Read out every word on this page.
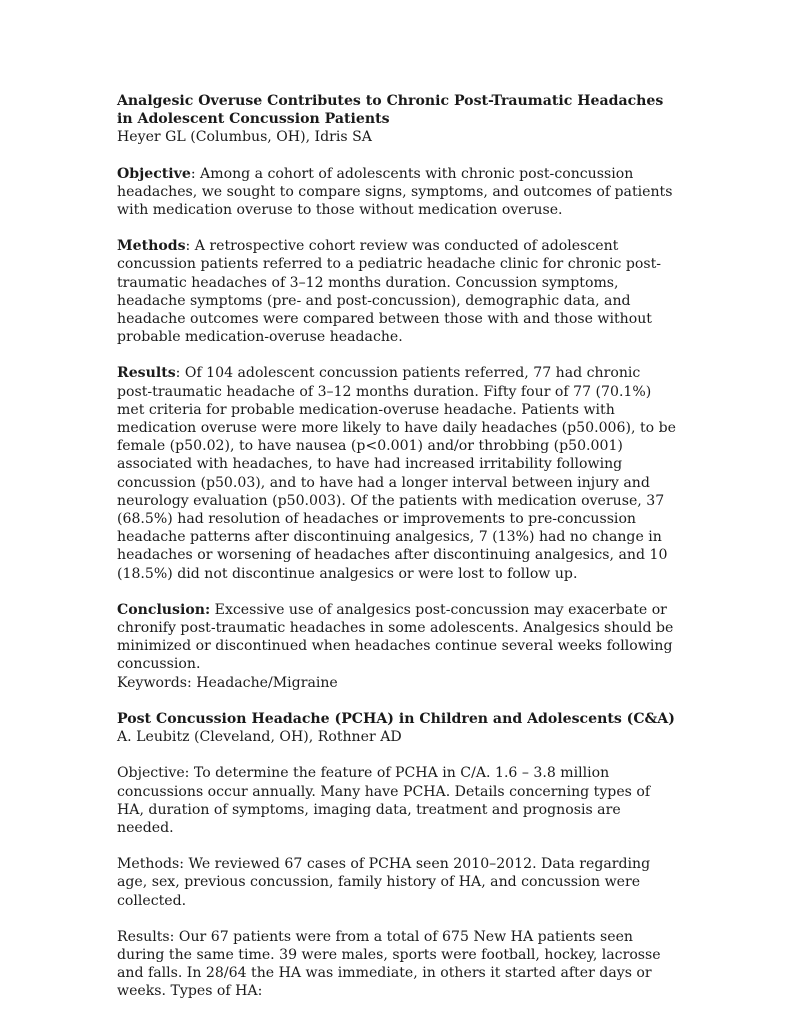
Analgesic Overuse Contributes to Chronic Post-Traumatic Headaches in Adolescent Concussion Patients

Heyer GL (Columbus, OH), Idris SA

Objective: Among a cohort of adolescents with chronic post-concussion headaches, we sought to compare signs, symptoms, and outcomes of patients with medication overuse to those without medication overuse.

Methods: A retrospective cohort review was conducted of adolescent concussion patients referred to a pediatric headache clinic for chronic post-traumatic headaches of 3–12 months duration. Concussion symptoms, headache symptoms (pre- and post-concussion), demographic data, and headache outcomes were compared between those with and those without probable medication-overuse headache.

Results: Of 104 adolescent concussion patients referred, 77 had chronic post-traumatic headache of 3–12 months duration. Fifty four of 77 (70.1%) met criteria for probable medication-overuse headache. Patients with medication overuse were more likely to have daily headaches (p50.006), to be female (p50.02), to have nausea (p<0.001) and/or throbbing (p50.001) associated with headaches, to have had increased irritability following concussion (p50.03), and to have had a longer interval between injury and neurology evaluation (p50.003). Of the patients with medication overuse, 37 (68.5%) had resolution of headaches or improvements to pre-concussion headache patterns after discontinuing analgesics, 7 (13%) had no change in headaches or worsening of headaches after discontinuing analgesics, and 10 (18.5%) did not discontinue analgesics or were lost to follow up.

Conclusion: Excessive use of analgesics post-concussion may exacerbate or chronify post-traumatic headaches in some adolescents. Analgesics should be minimized or discontinued when headaches continue several weeks following concussion.

Keywords: Headache/Migraine

Post Concussion Headache (PCHA) in Children and Adolescents (C&A)

A. Leubitz (Cleveland, OH), Rothner AD

Objective: To determine the feature of PCHA in C/A. 1.6 – 3.8 million concussions occur annually. Many have PCHA. Details concerning types of HA, duration of symptoms, imaging data, treatment and prognosis are needed.

Methods: We reviewed 67 cases of PCHA seen 2010–2012. Data regarding age, sex, previous concussion, family history of HA, and concussion were collected.

Results: Our 67 patients were from a total of 675 New HA patients seen during the same time. 39 were males, sports were football, hockey, lacrosse and falls. In 28/64 the HA was immediate, in others it started after days or weeks. Types of HA:
